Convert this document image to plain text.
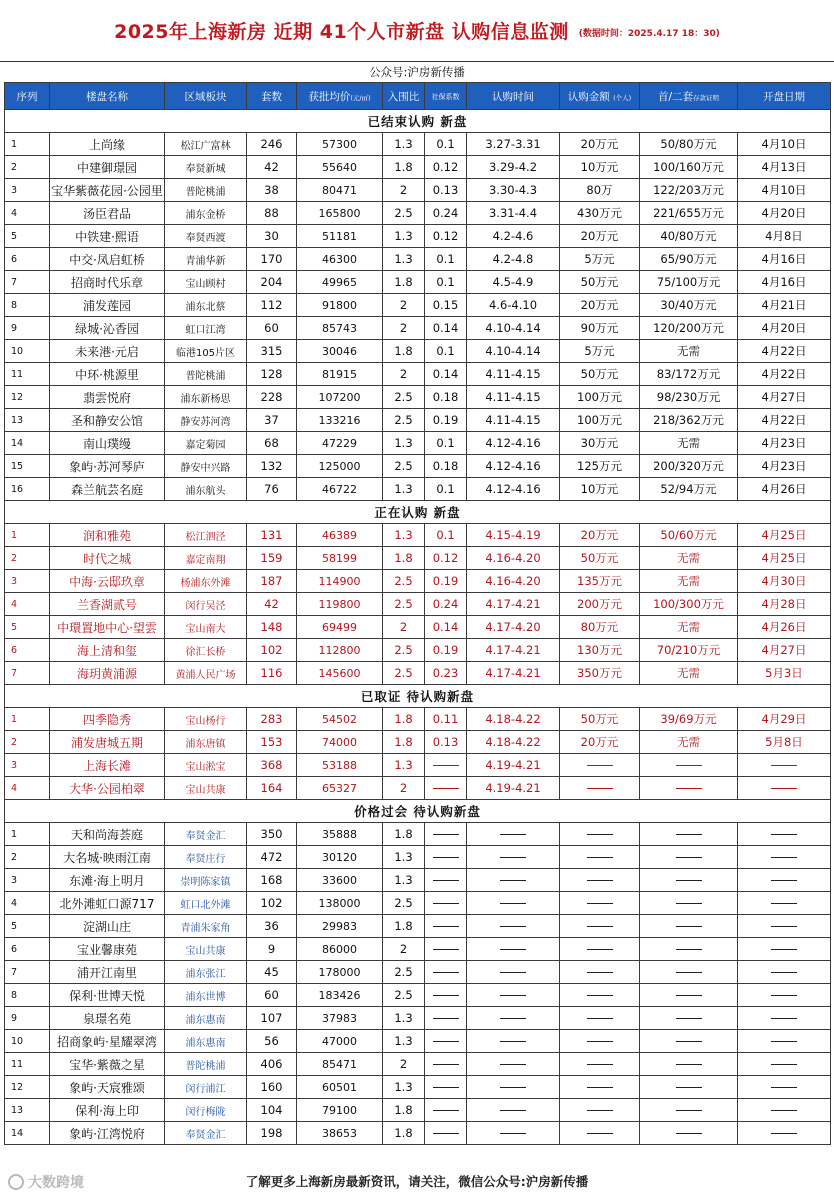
2025年上海新房 近期 41个人市新盘 认购信息监测 (数据时间：2025.4.17 18：30)
公众号:沪房新传播
序列	楼盘名称	区域板块	套数	获批均价(元/㎡)	入围比	社保系数	认购时间	认购金额 (个人)	首/二套存款证明	开盘日期
已结束认购 新盘										
1	上尚缘	松江广富林	246	57300	1.3	0.1	3.27-3.31	20万元	50/80万元	4月10日
2	中建御璟园	奉贤新城	42	55640	1.8	0.12	3.29-4.2	10万元	100/160万元	4月13日
3	宝华紫薇花园·公园里	普陀桃浦	38	80471	2	0.13	3.30-4.3	80万	122/203万元	4月10日
4	汤臣君品	浦东金桥	88	165800	2.5	0.24	3.31-4.4	430万元	221/655万元	4月20日
5	中铁建·熙语	奉贤西渡	30	51181	1.3	0.12	4.2-4.6	20万元	40/80万元	4月8日
6	中交·凤启虹桥	青浦华新	170	46300	1.3	0.1	4.2-4.8	5万元	65/90万元	4月16日
7	招商时代乐章	宝山顾村	204	49965	1.8	0.1	4.5-4.9	50万元	75/100万元	4月16日
8	浦发莲园	浦东北蔡	112	91800	2	0.15	4.6-4.10	20万元	30/40万元	4月21日
9	绿城·沁香园	虹口江湾	60	85743	2	0.14	4.10-4.14	90万元	120/200万元	4月20日
10	未来港·元启	临港105片区	315	30046	1.8	0.1	4.10-4.14	5万元	无需	4月22日
11	中环·桃源里	普陀桃浦	128	81915	2	0.14	4.11-4.15	50万元	83/172万元	4月22日
12	翡雲悦府	浦东新杨思	228	107200	2.5	0.18	4.11-4.15	100万元	98/230万元	4月27日
13	圣和静安公馆	静安苏河湾	37	133216	2.5	0.19	4.11-4.15	100万元	218/362万元	4月22日
14	南山璞缦	嘉定菊园	68	47229	1.3	0.1	4.12-4.16	30万元	无需	4月23日
15	象屿·苏河琴庐	静安中兴路	132	125000	2.5	0.18	4.12-4.16	125万元	200/320万元	4月23日
16	森兰航芸名庭	浦东航头	76	46722	1.3	0.1	4.12-4.16	10万元	52/94万元	4月26日
正在认购 新盘										
1	润和雅苑	松江泗泾	131	46389	1.3	0.1	4.15-4.19	20万元	50/60万元	4月25日
2	时代之城	嘉定南翔	159	58199	1.8	0.12	4.16-4.20	50万元	无需	4月25日
3	中海·云邸玖章	杨浦东外滩	187	114900	2.5	0.19	4.16-4.20	135万元	无需	4月30日
4	兰香湖贰号	闵行吴泾	42	119800	2.5	0.24	4.17-4.21	200万元	100/300万元	4月28日
5	中環置地中心·望雲	宝山南大	148	69499	2	0.14	4.17-4.20	80万元	无需	4月26日
6	海上清和玺	徐汇长桥	102	112800	2.5	0.19	4.17-4.21	130万元	70/210万元	4月27日
7	海玥黄浦源	黄浦人民广场	116	145600	2.5	0.23	4.17-4.21	350万元	无需	5月3日
已取证 待认购新盘										
1	四季隐秀	宝山杨行	283	54502	1.8	0.11	4.18-4.22	50万元	39/69万元	4月29日
2	浦发唐城五期	浦东唐镇	153	74000	1.8	0.13	4.18-4.22	20万元	无需	5月8日
3	上海长滩	宝山淞宝	368	53188	1.3		4.19-4.21			
4	大华·公园柏翠	宝山共康	164	65327	2		4.19-4.21			
价格过会 待认购新盘										
1	天和尚海荟庭	奉贤金汇	350	35888	1.8					
2	大名城·映雨江南	奉贤庄行	472	30120	1.3					
3	东滩·海上明月	崇明陈家镇	168	33600	1.3					
4	北外滩虹口源717	虹口北外滩	102	138000	2.5					
5	淀湖山庄	青浦朱家角	36	29983	1.8					
6	宝业馨康苑	宝山共康	9	86000	2					
7	浦开江南里	浦东张江	45	178000	2.5					
8	保利·世博天悦	浦东世博	60	183426	2.5					
9	泉璟名苑	浦东惠南	107	37983	1.3					
10	招商象屿·星耀翠湾	浦东惠南	56	47000	1.3					
11	宝华·紫薇之星	普陀桃浦	406	85471	2					
12	象屿·天宸雅颂	闵行浦江	160	60501	1.3					
13	保利·海上印	闵行梅陇	104	79100	1.8					
14	象屿·江湾悦府	奉贤金汇	198	38653	1.8					
大数跨境	了解更多上海新房最新资讯，请关注，微信公众号:沪房新传播
